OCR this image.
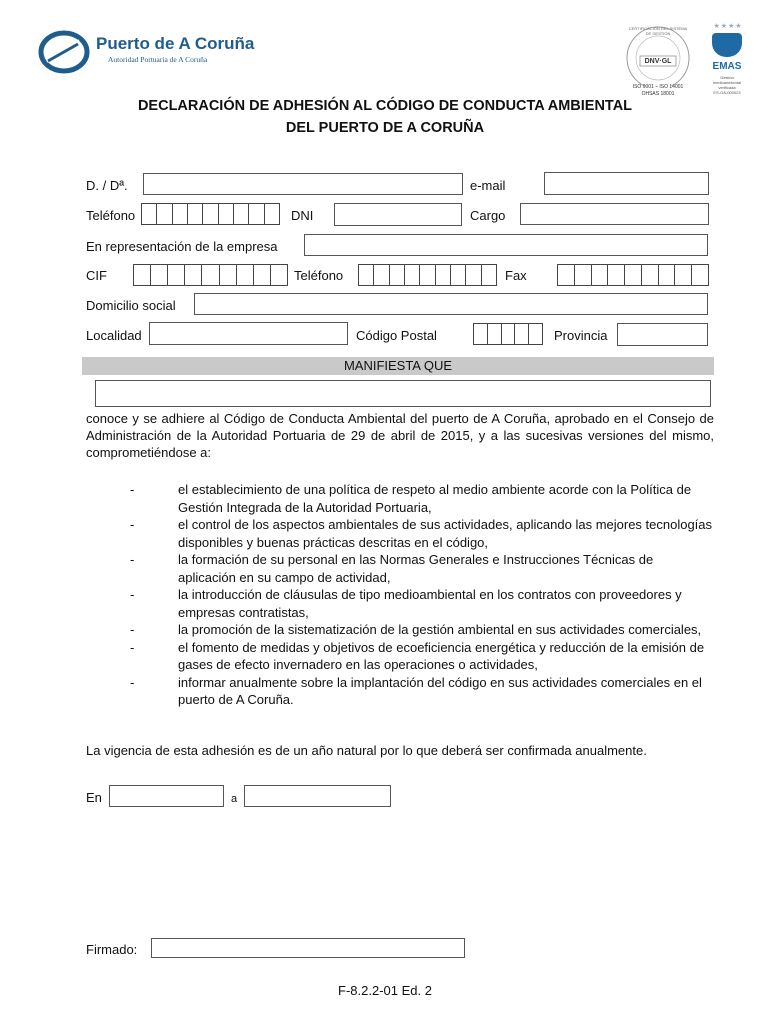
Puerto de A Coruña
Autoridad Portuaria de A Coruña
CERTIFICACIÓN DEL SISTEMA DE GESTIÓN
DNV·GL
ISO 9001 – ISO 14001
OHSAS 18001
★★★★
EMAS
Gestión
medioambiental
verificada
ES-GA-000023
DECLARACIÓN DE ADHESIÓN AL CÓDIGO DE CONDUCTA AMBIENTAL
DEL PUERTO DE A CORUÑA
D. / Dª.	e-mail
Teléfono	DNI	Cargo
En representación de la empresa
CIF	Teléfono	Fax
Domicilio social
Localidad	Código Postal	Provincia
MANIFIESTA QUE
conoce y se adhiere al Código de Conducta Ambiental del puerto de A Coruña, aprobado en el Consejo de Administración de la Autoridad Portuaria de 29 de abril de 2015, y a las sucesivas versiones del mismo, comprometiéndose a:
-	el establecimiento de una política de respeto al medio ambiente acorde con la Política de Gestión Integrada de la Autoridad Portuaria,
-	el control de los aspectos ambientales de sus actividades, aplicando las mejores tecnologías disponibles y buenas prácticas descritas en el código,
-	la formación de su personal en las Normas Generales e Instrucciones Técnicas de aplicación en su campo de actividad,
-	la introducción de cláusulas de tipo medioambiental en los contratos con proveedores y empresas contratistas,
-	la promoción de la sistematización de la gestión ambiental en sus actividades comerciales,
-	el fomento de medidas y objetivos de ecoeficiencia energética y reducción de la emisión de gases de efecto invernadero en las operaciones o actividades,
-	informar anualmente sobre la implantación del código en sus actividades comerciales en el puerto de A Coruña.
La vigencia de esta adhesión es de un año natural por lo que deberá ser confirmada anualmente.
En	a
Firmado:
F-8.2.2-01 Ed. 2
